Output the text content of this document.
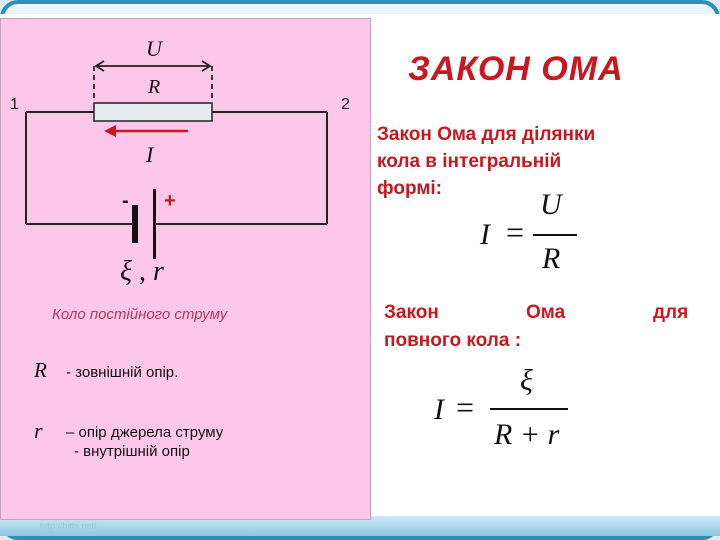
http://bitbi.net/
U
R
I
1	2
- +
ξ , r
Коло постійного струму
R - зовнішній опір.
r – опір джерела струму
- внутрішній опір
ЗАКОН ОМА
Закон Ома для ділянки
кола в інтегральній
формі:
I =
U
R
Закон	Ома	для
повного кола :
I =
ξ
R + r
